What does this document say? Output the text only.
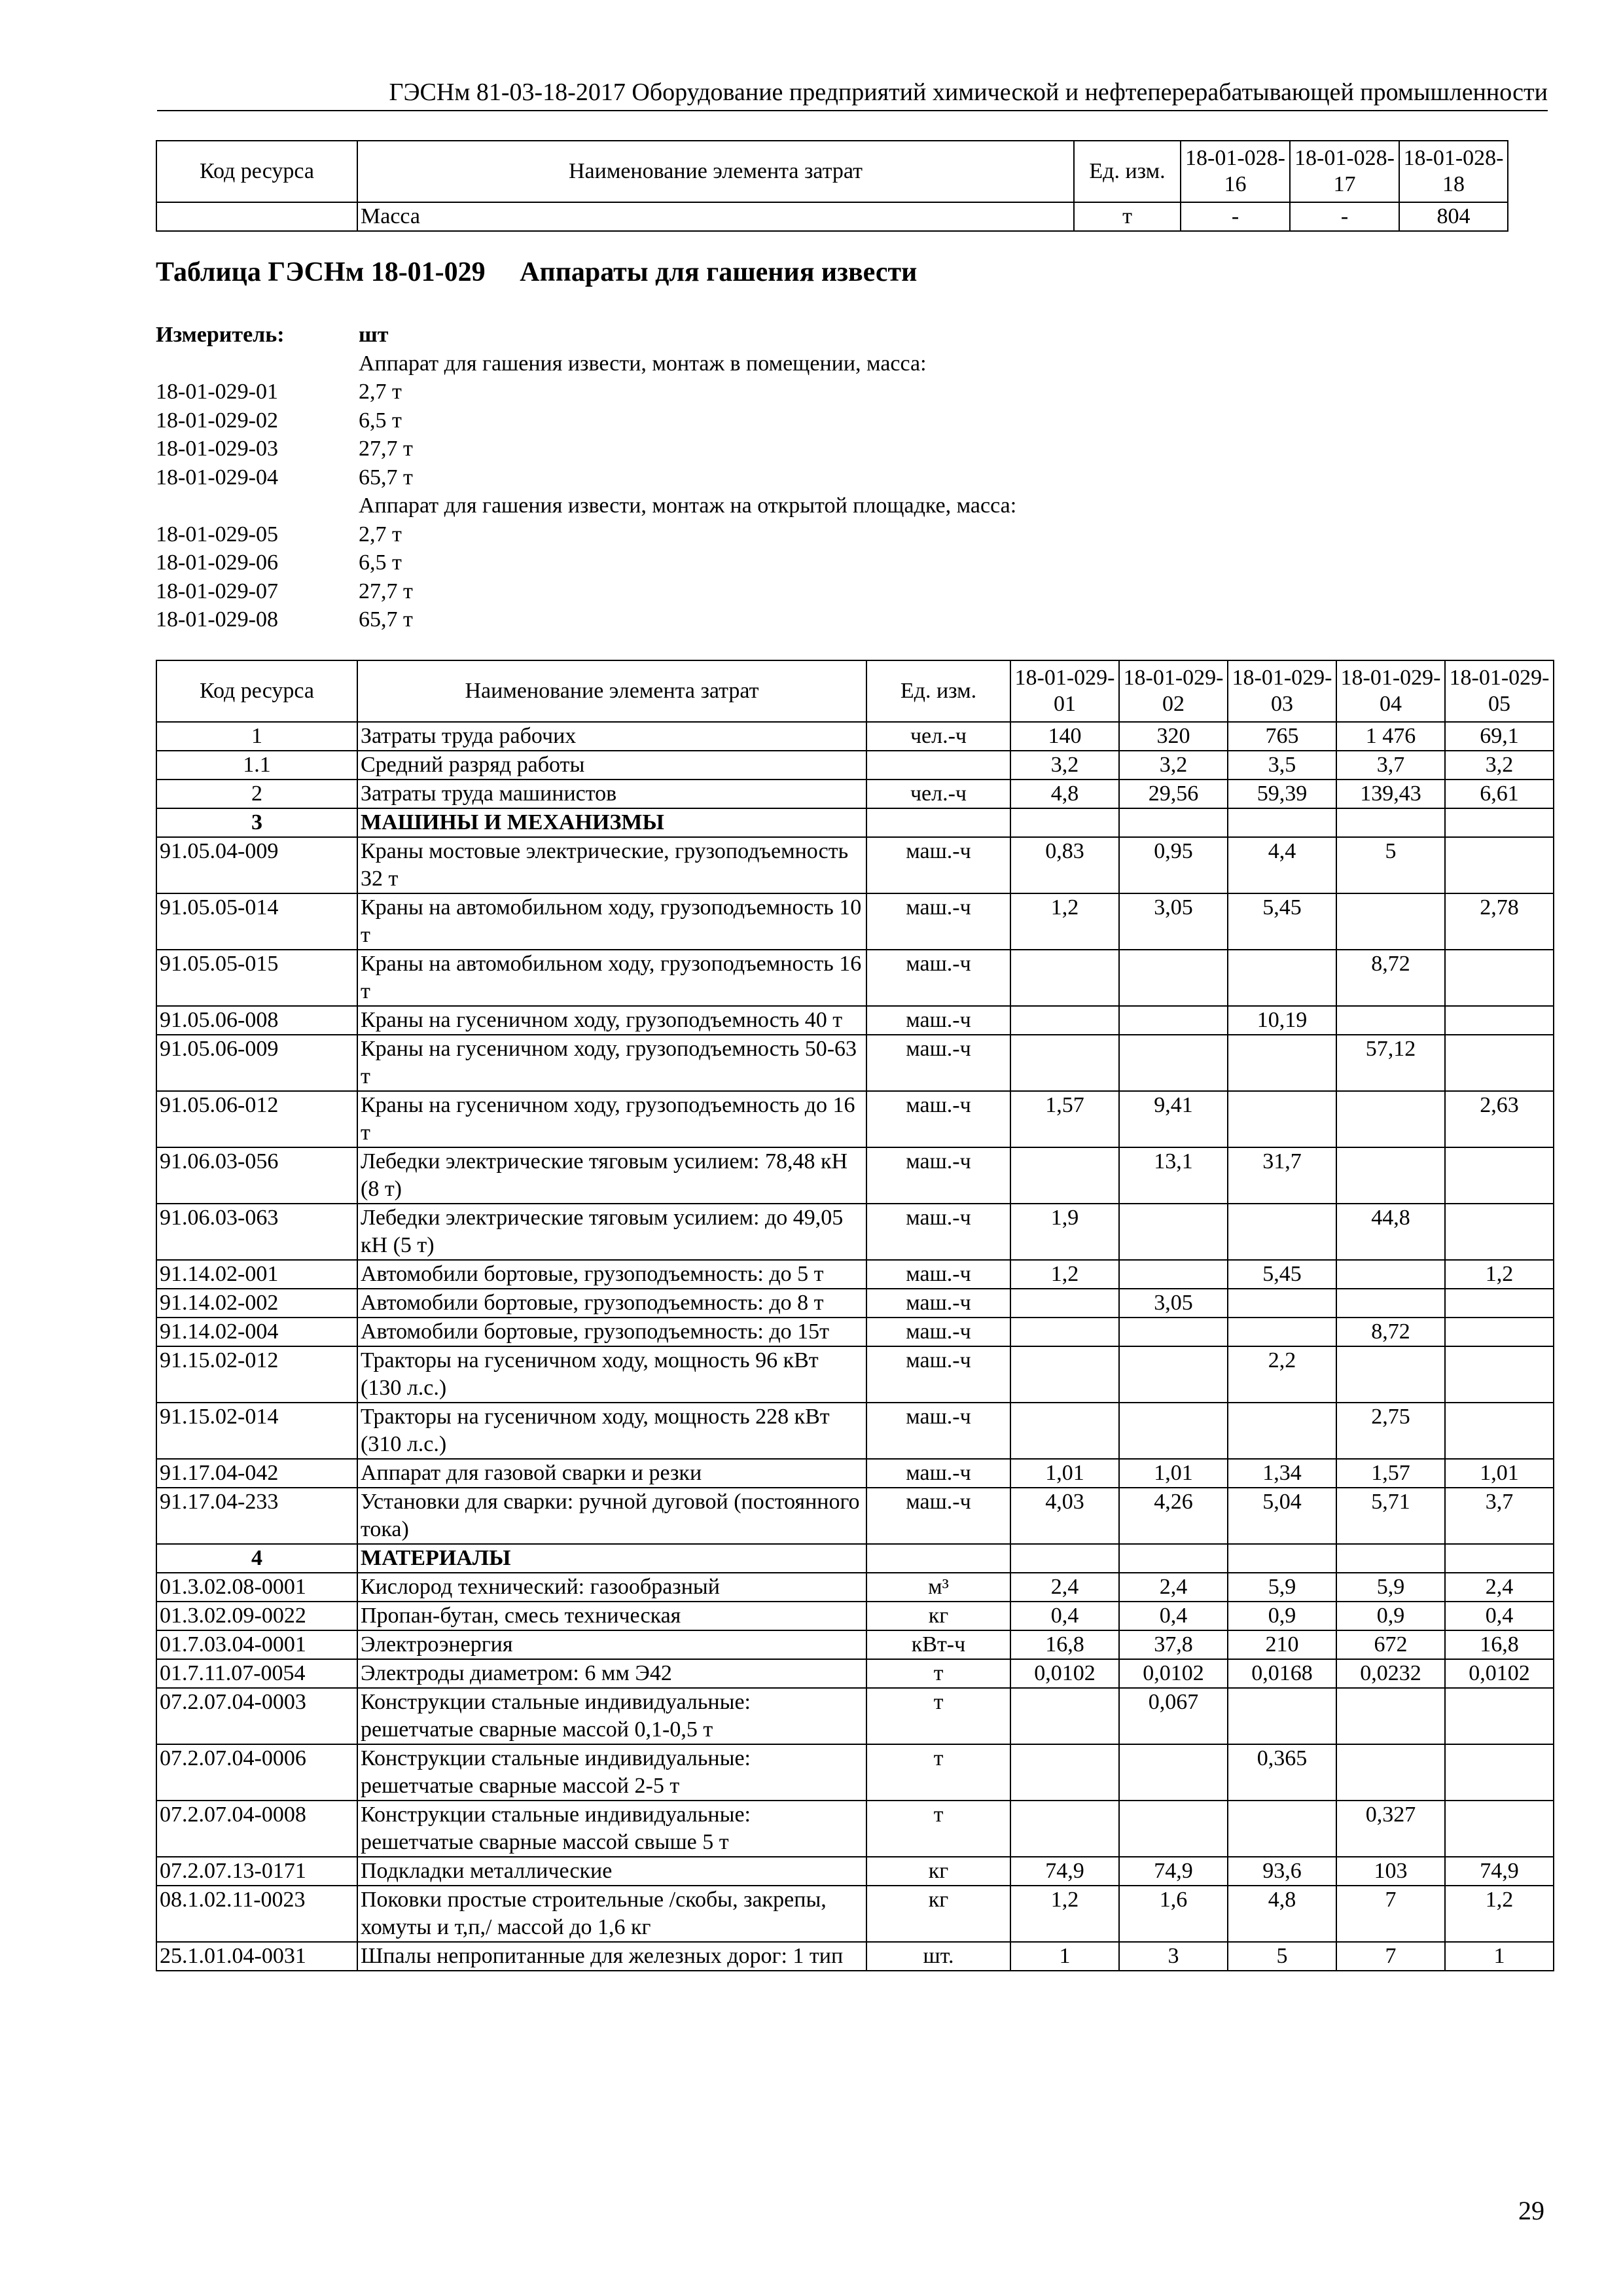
ГЭСНм 81-03-18-2017 Оборудование предприятий химической и нефтеперерабатывающей промышленности
Код ресурса	Наименование элемента затрат	Ед. изм.	18-01-028-16	18-01-028-17	18-01-028-18
	Масса	т	-	-	804
Таблица ГЭСНм 18-01-029     Аппараты для гашения извести
Измеритель:	шт
Аппарат для гашения извести, монтаж в помещении, масса:
18-01-029-01	2,7 т
18-01-029-02	6,5 т
18-01-029-03	27,7 т
18-01-029-04	65,7 т
Аппарат для гашения извести, монтаж на открытой площадке, масса:
18-01-029-05	2,7 т
18-01-029-06	6,5 т
18-01-029-07	27,7 т
18-01-029-08	65,7 т
Код ресурса	Наименование элемента затрат	Ед. изм.	18-01-029-01	18-01-029-02	18-01-029-03	18-01-029-04	18-01-029-05
1	Затраты труда рабочих	чел.-ч	140	320	765	1 476	69,1
1.1	Средний разряд работы		3,2	3,2	3,5	3,7	3,2
2	Затраты труда машинистов	чел.-ч	4,8	29,56	59,39	139,43	6,61
3	МАШИНЫ И МЕХАНИЗМЫ						
91.05.04-009	Краны мостовые электрические, грузоподъемность 32 т	маш.-ч	0,83	0,95	4,4	5	
91.05.05-014	Краны на автомобильном ходу, грузоподъемность 10 т	маш.-ч	1,2	3,05	5,45		2,78
91.05.05-015	Краны на автомобильном ходу, грузоподъемность 16 т	маш.-ч				8,72	
91.05.06-008	Краны на гусеничном ходу, грузоподъемность 40 т	маш.-ч			10,19		
91.05.06-009	Краны на гусеничном ходу, грузоподъемность 50-63 т	маш.-ч				57,12	
91.05.06-012	Краны на гусеничном ходу, грузоподъемность до 16 т	маш.-ч	1,57	9,41			2,63
91.06.03-056	Лебедки электрические тяговым усилием: 78,48 кН (8 т)	маш.-ч		13,1	31,7		
91.06.03-063	Лебедки электрические тяговым усилием: до 49,05 кН (5 т)	маш.-ч	1,9			44,8	
91.14.02-001	Автомобили бортовые, грузоподъемность: до 5 т	маш.-ч	1,2		5,45		1,2
91.14.02-002	Автомобили бортовые, грузоподъемность: до 8 т	маш.-ч		3,05			
91.14.02-004	Автомобили бортовые, грузоподъемность: до 15т	маш.-ч				8,72	
91.15.02-012	Тракторы на гусеничном ходу, мощность 96 кВт (130 л.с.)	маш.-ч			2,2		
91.15.02-014	Тракторы на гусеничном ходу, мощность 228 кВт (310 л.с.)	маш.-ч				2,75	
91.17.04-042	Аппарат для газовой сварки и резки	маш.-ч	1,01	1,01	1,34	1,57	1,01
91.17.04-233	Установки для сварки: ручной дуговой (постоянного тока)	маш.-ч	4,03	4,26	5,04	5,71	3,7
4	МАТЕРИАЛЫ						
01.3.02.08-0001	Кислород технический: газообразный	м³	2,4	2,4	5,9	5,9	2,4
01.3.02.09-0022	Пропан-бутан, смесь техническая	кг	0,4	0,4	0,9	0,9	0,4
01.7.03.04-0001	Электроэнергия	кВт-ч	16,8	37,8	210	672	16,8
01.7.11.07-0054	Электроды диаметром: 6 мм Э42	т	0,0102	0,0102	0,0168	0,0232	0,0102
07.2.07.04-0003	Конструкции стальные индивидуальные: решетчатые сварные массой 0,1-0,5 т	т		0,067			
07.2.07.04-0006	Конструкции стальные индивидуальные: решетчатые сварные массой 2-5 т	т			0,365		
07.2.07.04-0008	Конструкции стальные индивидуальные: решетчатые сварные массой свыше 5 т	т				0,327	
07.2.07.13-0171	Подкладки металлические	кг	74,9	74,9	93,6	103	74,9
08.1.02.11-0023	Поковки простые строительные /скобы, закрепы, хомуты и т,п,/ массой до 1,6 кг	кг	1,2	1,6	4,8	7	1,2
25.1.01.04-0031	Шпалы непропитанные для железных дорог: 1 тип	шт.	1	3	5	7	1
29
